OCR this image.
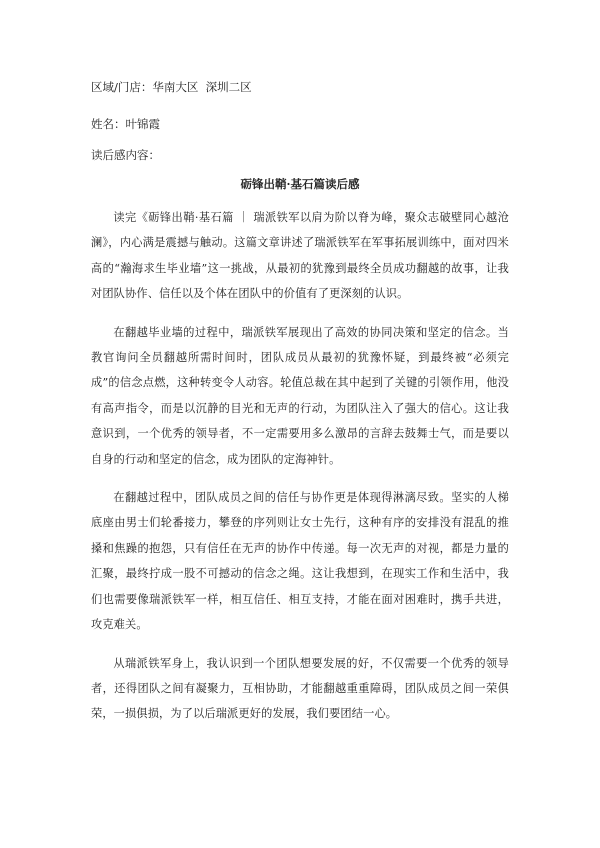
区域/门店：华南大区  深圳二区
姓名：叶锦霞
读后感内容：
砺锋出鞘·基石篇读后感

读完《砺锋出鞘·基石篇 ｜ 瑞派铁军以肩为阶以脊为峰，聚众志破壁同心越沧澜》，内心满是震撼与触动。这篇文章讲述了瑞派铁军在军事拓展训练中，面对四米高的“瀚海求生毕业墙”这一挑战，从最初的犹豫到最终全员成功翻越的故事，让我对团队协作、信任以及个体在团队中的价值有了更深刻的认识。

在翻越毕业墙的过程中，瑞派铁军展现出了高效的协同决策和坚定的信念。当教官询问全员翻越所需时间时，团队成员从最初的犹豫怀疑，到最终被“必须完成”的信念点燃，这种转变令人动容。轮值总裁在其中起到了关键的引领作用，他没有高声指令，而是以沉静的目光和无声的行动，为团队注入了强大的信心。这让我意识到，一个优秀的领导者，不一定需要用多么激昂的言辞去鼓舞士气，而是要以自身的行动和坚定的信念，成为团队的定海神针。

在翻越过程中，团队成员之间的信任与协作更是体现得淋漓尽致。坚实的人梯底座由男士们轮番接力，攀登的序列则让女士先行，这种有序的安排没有混乱的推搡和焦躁的抱怨，只有信任在无声的协作中传递。每一次无声的对视，都是力量的汇聚，最终拧成一股不可撼动的信念之绳。这让我想到，在现实工作和生活中，我们也需要像瑞派铁军一样，相互信任、相互支持，才能在面对困难时，携手共进，攻克难关。

从瑞派铁军身上，我认识到一个团队想要发展的好，不仅需要一个优秀的领导者，还得团队之间有凝聚力，互相协助，才能翻越重重障碍，团队成员之间一荣俱荣，一损俱损，为了以后瑞派更好的发展，我们要团结一心。
